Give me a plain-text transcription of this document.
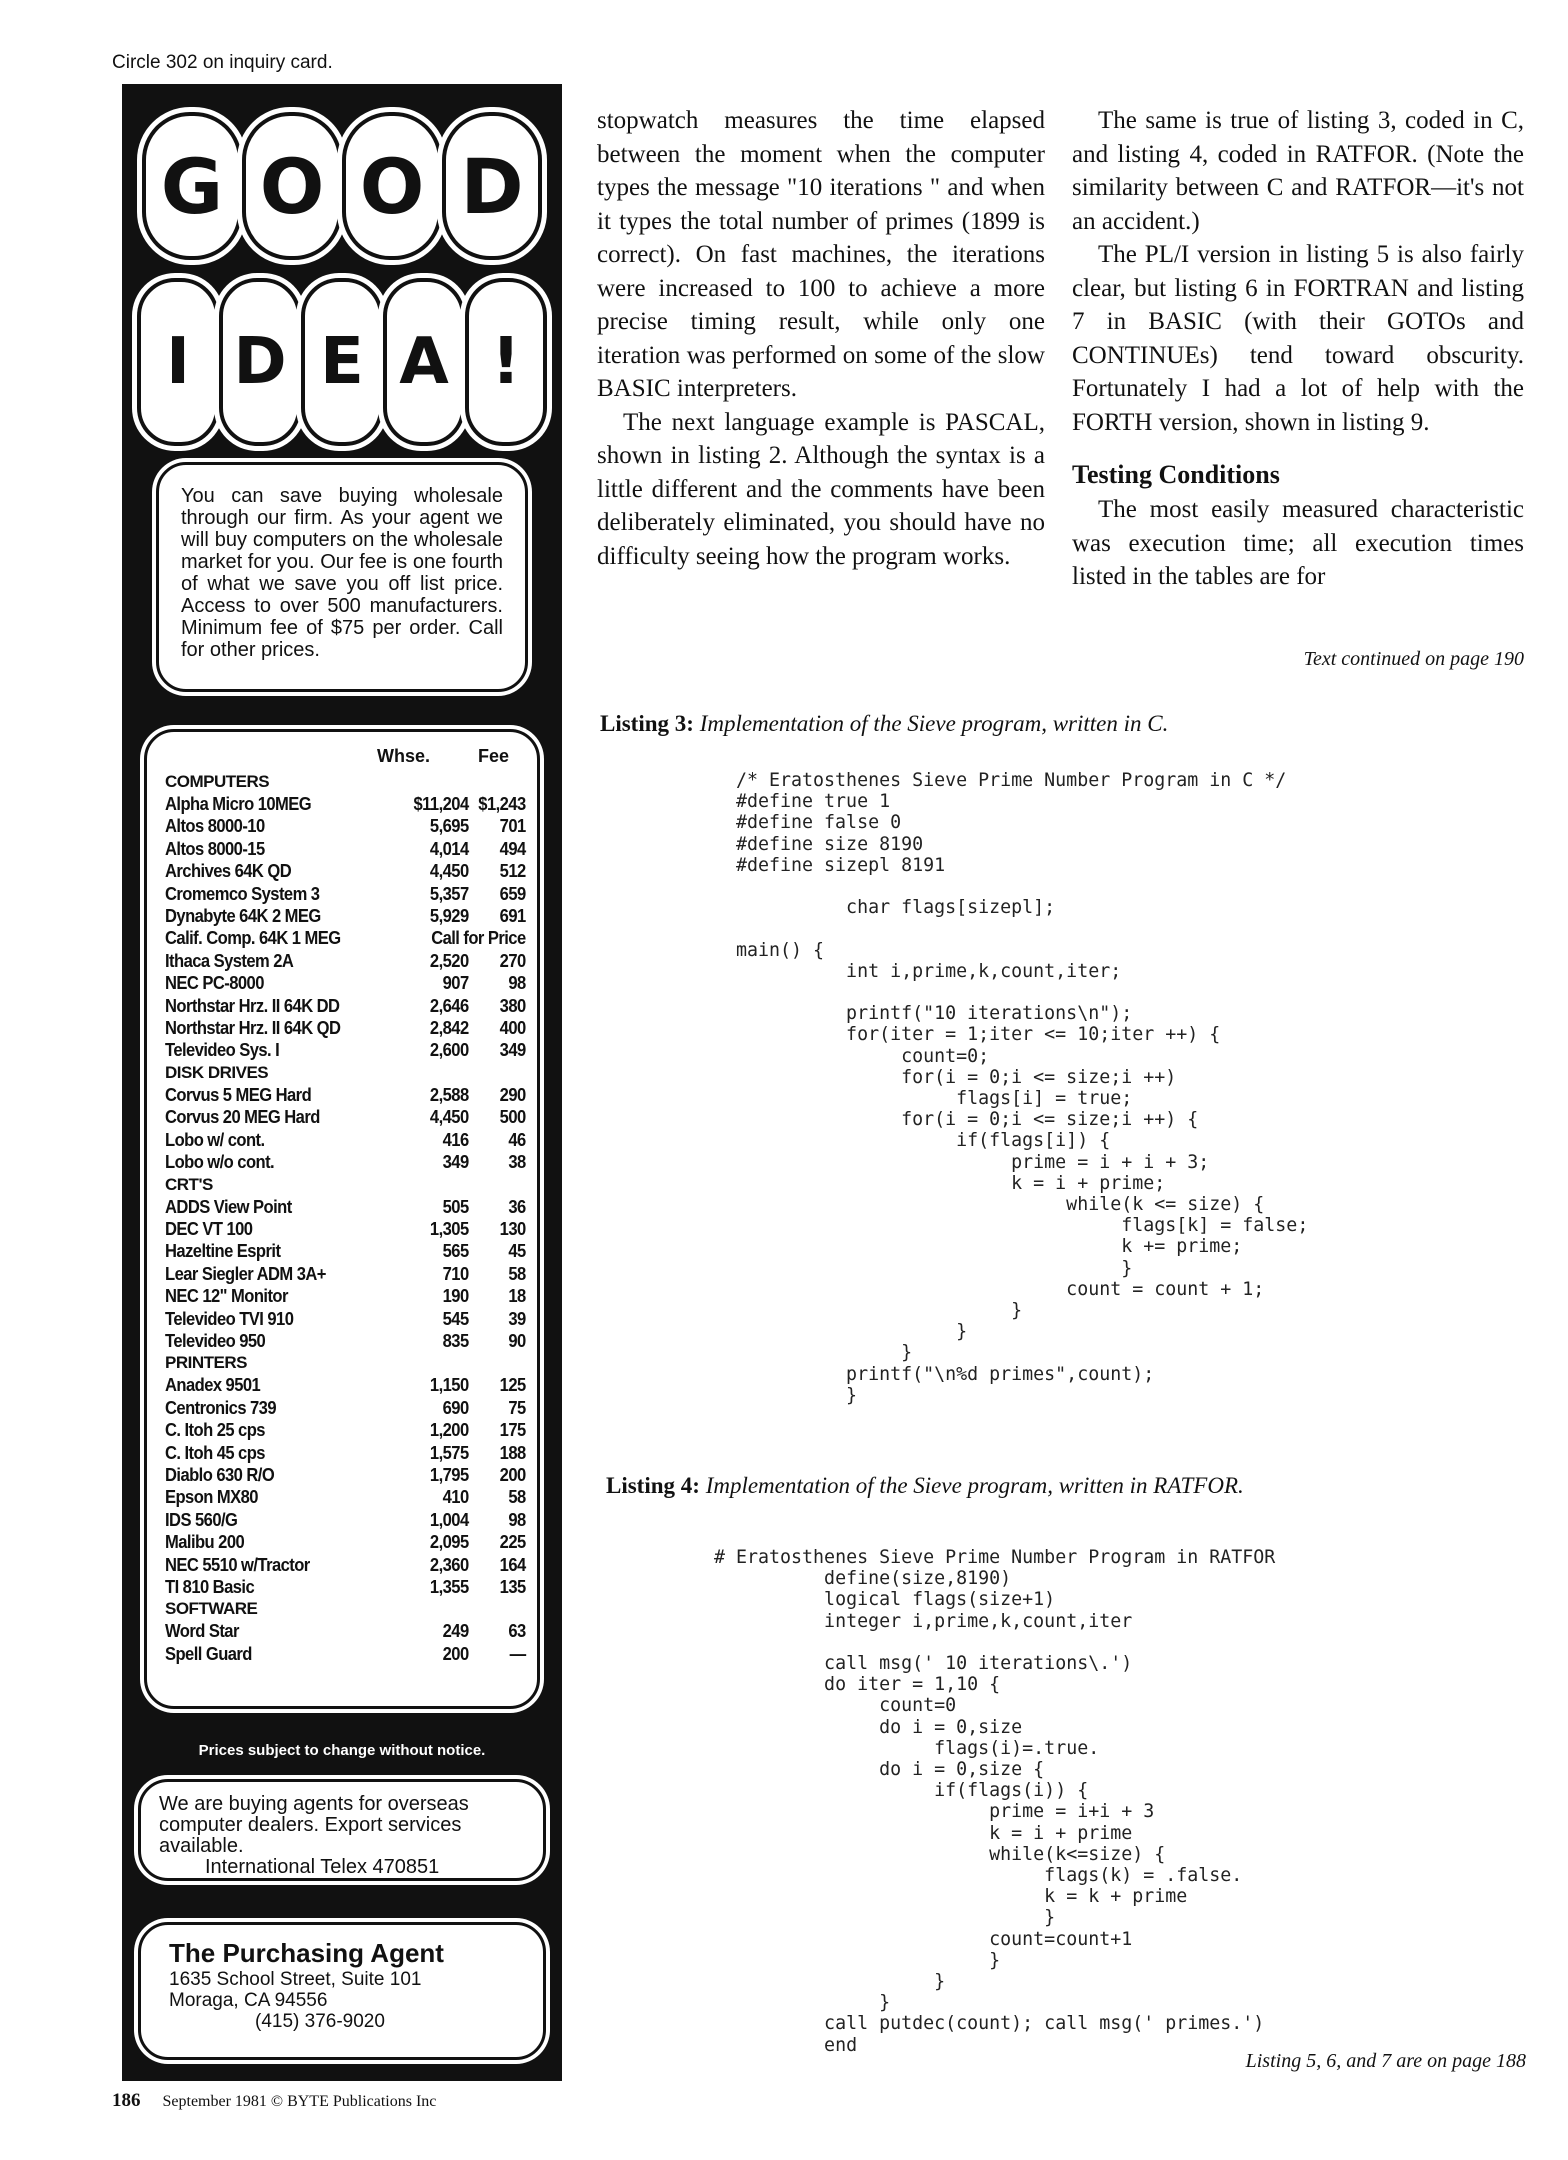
Circle 302 on inquiry card.
G O O D
I D E A !
You can save buying wholesale through our firm. As your agent we will buy computers on the wholesale market for you. Our fee is one fourth of what we save you off list price. Access to over 500 manufacturers. Minimum fee of $75 per order. Call for other prices.
Whse.	Fee
COMPUTERS
Alpha Micro 10MEG	$11,204 $1,243
Altos 8000-10	5,695	701
Altos 8000-15	4,014	494
Archives 64K QD	4,450	512
Cromemco System 3	5,357	659
Dynabyte 64K 2 MEG	5,929	691
Calif. Comp. 64K 1 MEG	Call for Price
Ithaca System 2A	2,520	270
NEC PC-8000	907	98
Northstar Hrz. II 64K DD	2,646	380
Northstar Hrz. II 64K QD	2,842	400
Televideo Sys. I	2,600	349
DISK DRIVES
Corvus 5 MEG Hard	2,588	290
Corvus 20 MEG Hard	4,450	500
Lobo w/ cont.	416	46
Lobo w/o cont.	349	38
CRT'S
ADDS View Point	505	36
DEC VT 100	1,305	130
Hazeltine Esprit	565	45
Lear Siegler ADM 3A+	710	58
NEC 12" Monitor	190	18
Televideo TVI 910	545	39
Televideo 950	835	90
PRINTERS
Anadex 9501	1,150	125
Centronics 739	690	75
C. Itoh 25 cps	1,200	175
C. Itoh 45 cps	1,575	188
Diablo 630 R/O	1,795	200
Epson MX80	410	58
IDS 560/G	1,004	98
Malibu 200	2,095	225
NEC 5510 w/Tractor	2,360	164
TI 810 Basic	1,355	135
SOFTWARE
Word Star	249	63
Spell Guard	200	—
Prices subject to change without notice.
We are buying agents for overseas computer dealers. Export services available.
International Telex 470851
The Purchasing Agent
1635 School Street, Suite 101
Moraga, CA 94556
(415) 376-9020

stopwatch measures the time elapsed between the moment when the computer types the message "10 iterations " and when it types the total number of primes (1899 is correct). On fast machines, the iterations were increased to 100 to achieve a more precise timing result, while only one iteration was performed on some of the slow BASIC interpreters.

The next language example is PASCAL, shown in listing 2. Although the syntax is a little different and the comments have been deliberately eliminated, you should have no difficulty seeing how the program works.

The same is true of listing 3, coded in C, and listing 4, coded in RATFOR. (Note the similarity between C and RATFOR—it's not an accident.)

The PL/I version in listing 5 is also fairly clear, but listing 6 in FORTRAN and listing 7 in BASIC (with their GOTOs and CONTINUEs) tend toward obscurity. Fortunately I had a lot of help with the FORTH version, shown in listing 9.

Testing Conditions

The most easily measured characteristic was execution time; all execution times listed in the tables are for

Text continued on page 190
Listing 3: Implementation of the Sieve program, written in C.
/* Eratosthenes Sieve Prime Number Program in C */
#define true 1
#define false 0
#define size 8190
#define sizepl 8191

char flags[sizepl];

main() {
int i,prime,k,count,iter;

printf("10 iterations\n");
for(iter = 1;iter <= 10;iter ++) {
count=0;
for(i = 0;i <= size;i ++)
flags[i] = true;
for(i = 0;i <= size;i ++) {
if(flags[i]) {
prime = i + i + 3;
k = i + prime;
while(k <= size) {
flags[k] = false;
k += prime;
}
count = count + 1;
}
}
}
printf("\n%d primes",count);
}
Listing 4: Implementation of the Sieve program, written in RATFOR.
# Eratosthenes Sieve Prime Number Program in RATFOR
define(size,8190)
logical flags(size+1)
integer i,prime,k,count,iter

call msg(' 10 iterations\.')
do iter = 1,10 {
count=0
do i = 0,size
flags(i)=.true.
do i = 0,size {
if(flags(i)) {
prime = i+i + 3
k = i + prime
while(k<=size) {
flags(k) = .false.
k = k + prime
}
count=count+1
}
}
}
call putdec(count); call msg(' primes.')
end
Listing 5, 6, and 7 are on page 188
186 September 1981 © BYTE Publications Inc
